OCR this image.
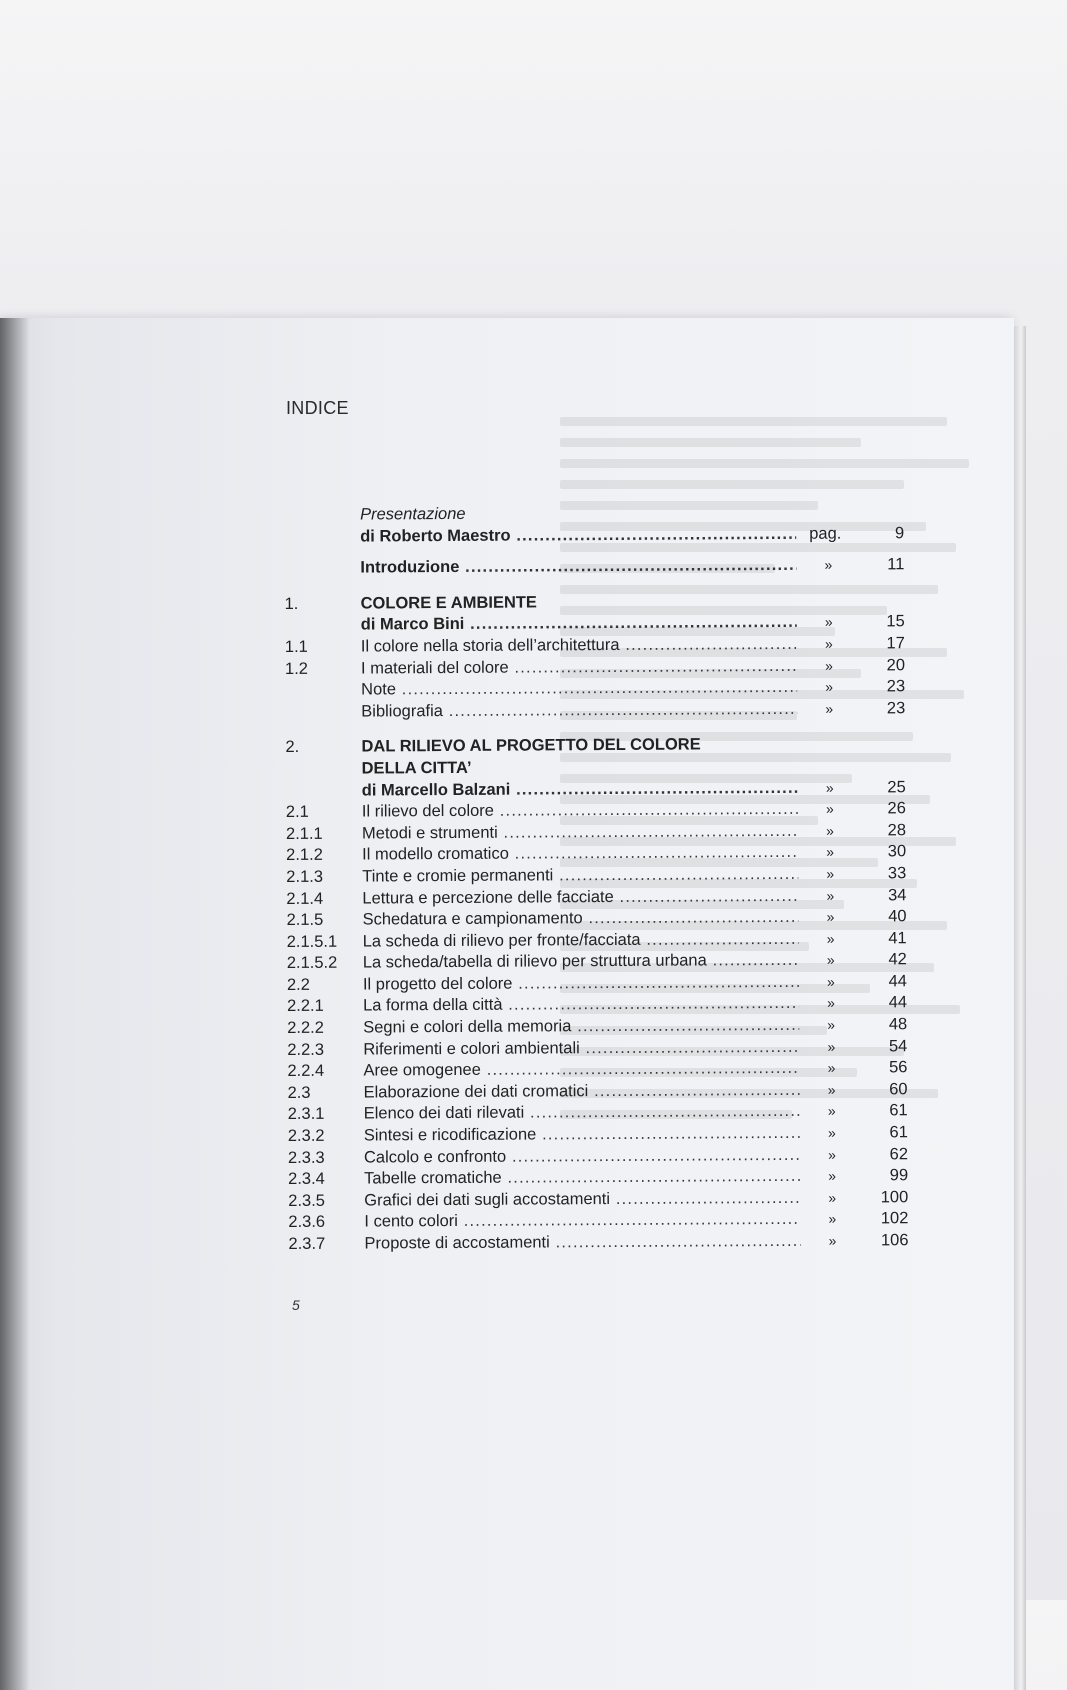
INDICE
Presentazione
di Roberto Maestro .....	pag.	9
Introduzione .....	»	11
1.	COLORE E AMBIENTE
di Marco Bini .....	»	15
1.1	Il colore nella storia dell’architettura .....	»	17
1.2	I materiali del colore .....	»	20
Note .....	»	23
Bibliografia .....	»	23
2.	DAL RILIEVO AL PROGETTO DEL COLORE
DELLA CITTA’
di Marcello Balzani .....	»	25
2.1	Il rilievo del colore .....	»	26
2.1.1 Metodi e strumenti .....	»	28
2.1.2 Il modello cromatico .....	»	30
2.1.3 Tinte e cromie permanenti .....	»	33
2.1.4 Lettura e percezione delle facciate .....	»	34
2.1.5 Schedatura e campionamento .....	»	40
2.1.5.1 La scheda di rilievo per fronte/facciata .....	»	41
2.1.5.2 La scheda/tabella di rilievo per struttura urbana .....	»	42
2.2	Il progetto del colore .....	»	44
2.2.1 La forma della città .....	»	44
2.2.2 Segni e colori della memoria .....	»	48
2.2.3 Riferimenti e colori ambientali .....	»	54
2.2.4 Aree omogenee .....	»	56
2.3	Elaborazione dei dati cromatici .....	»	60
2.3.1 Elenco dei dati rilevati .....	»	61
2.3.2 Sintesi e ricodificazione .....	»	61
2.3.3 Calcolo e confronto .....	»	62
2.3.4 Tabelle cromatiche .....	»	99
2.3.5 Grafici dei dati sugli accostamenti .....	»	100
2.3.6 I cento colori .....	»	102
2.3.7 Proposte di accostamenti .....	»	106
5
